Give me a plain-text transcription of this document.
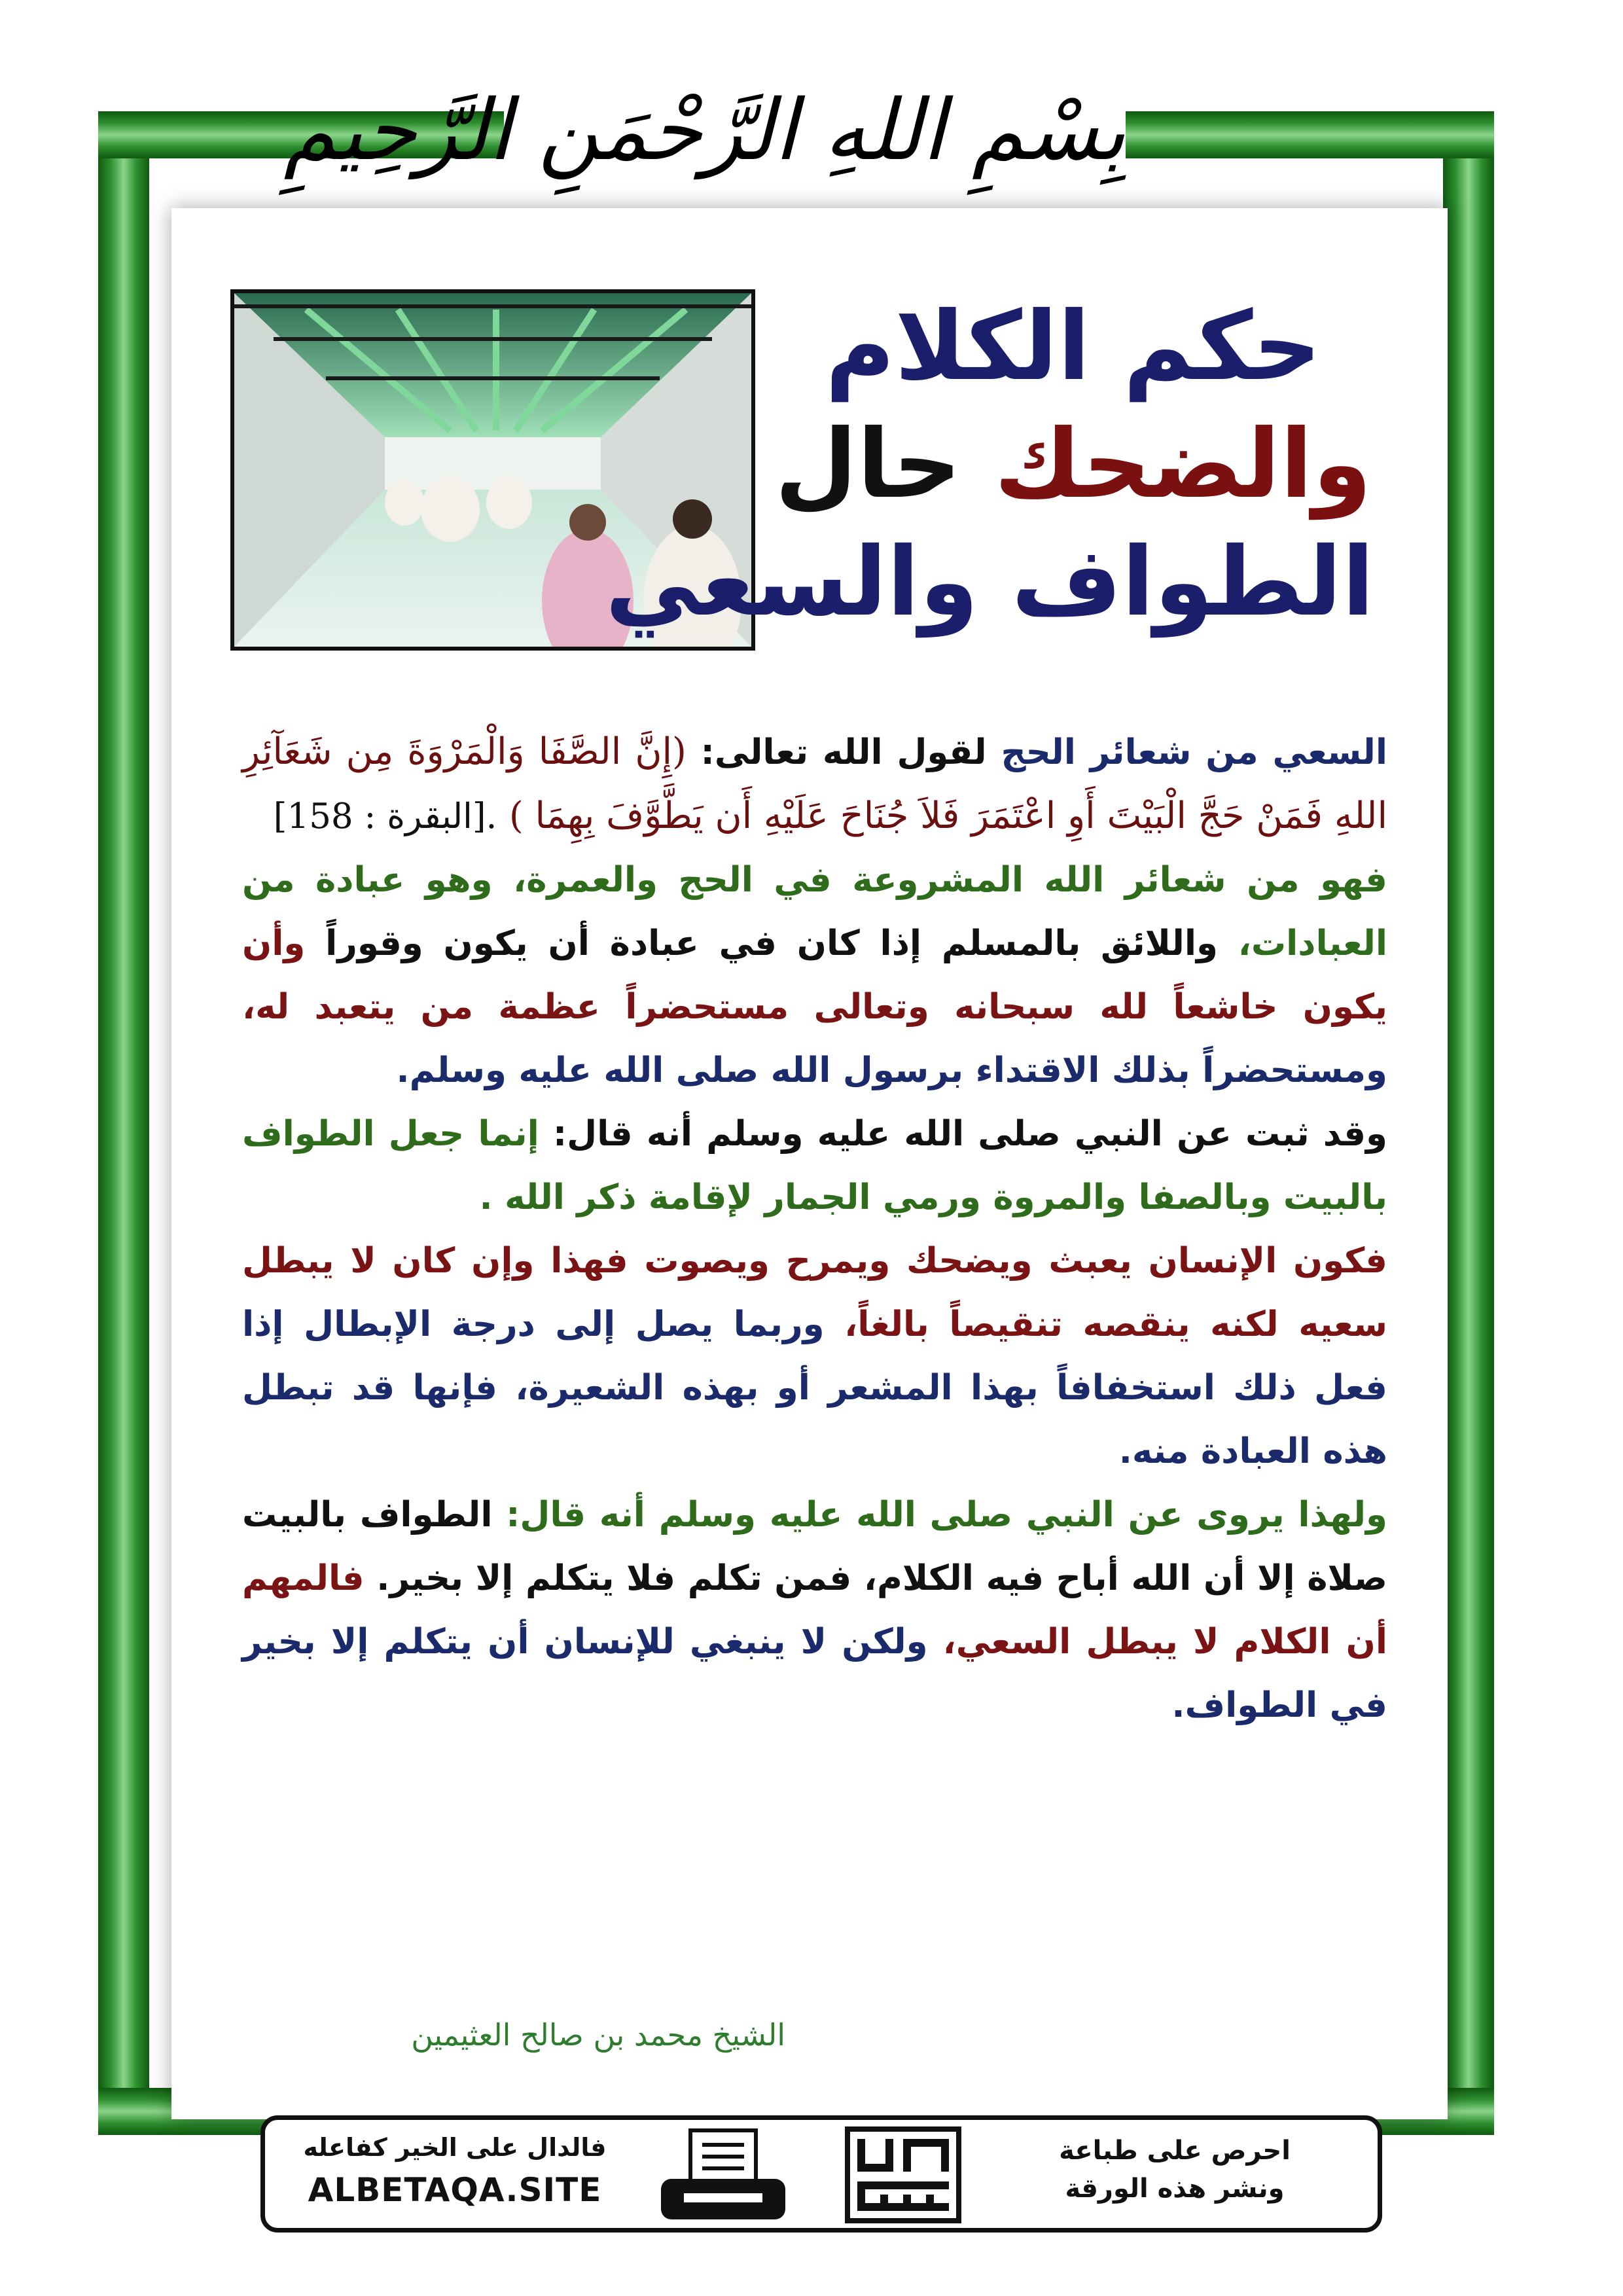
بِسْمِ اللهِ الرَّحْمَنِ الرَّحِيمِ
حكم الكلام
والضحك حال
الطواف والسعي

السعي من شعائر الحج لقول الله تعالى: (إِنَّ الصَّفَا وَالْمَرْوَةَ مِن شَعَآئِرِ اللهِ فَمَنْ حَجَّ الْبَيْتَ أَوِ اعْتَمَرَ فَلاَ جُنَاحَ عَلَيْهِ أَن يَطَّوَّفَ بِهِمَا ) .[البقرة : 158]

فهو من شعائر الله المشروعة في الحج والعمرة، وهو عبادة من العبادات، واللائق بالمسلم إذا كان في عبادة أن يكون وقوراً وأن يكون خاشعاً لله سبحانه وتعالى مستحضراً عظمة من يتعبد له، ومستحضراً بذلك الاقتداء برسول الله صلى الله عليه وسلم.

وقد ثبت عن النبي صلى الله عليه وسلم أنه قال: إنما جعل الطواف بالبيت وبالصفا والمروة ورمي الجمار لإقامة ذكر الله .

فكون الإنسان يعبث ويضحك ويمرح ويصوت فهذا وإن كان لا يبطل سعيه لكنه ينقصه تنقيصاً بالغاً، وربما يصل إلى درجة الإبطال إذا فعل ذلك استخفافاً بهذا المشعر أو بهذه الشعيرة، فإنها قد تبطل هذه العبادة منه.

ولهذا يروى عن النبي صلى الله عليه وسلم أنه قال: الطواف بالبيت صلاة إلا أن الله أباح فيه الكلام، فمن تكلم فلا يتكلم إلا بخير. فالمهم أن الكلام لا يبطل السعي، ولكن لا ينبغي للإنسان أن يتكلم إلا بخير في الطواف.

الشيخ محمد بن صالح العثيمين
احرص على طباعة
ونشر هذه الورقة
فالدال على الخير كفاعله
ALBETAQA.SITE
